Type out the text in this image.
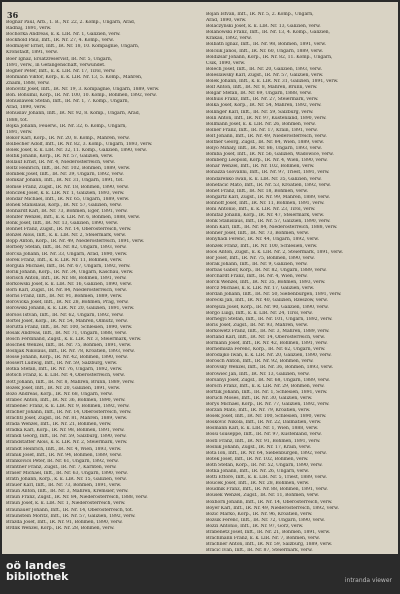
36
Bognar Paul, Arb., 1. B., Nr. 22, 2. Komp., Ungarn, Arad,
Radnaj, 1891, verw.
Bochorka Andreas, k. k. LIR. Nr. 1, Galizien, verw.
Bockhold Paul, Inft., IR. Nr. 27, 4. Komp., verw.
Bodmayer Ernst, Inft., IR. Nr. 18, 10. Kompagnie, Ungarn,
Kronstadt, 1891, verw.
Boër Ignaz, Ersatzreservist, IR. Nr. 5, Ungarn,
1891, verw., in Gefangenschaft, verwundet.
Bogner Peter, Inft., k. k. LIR. Nr. 17, Tirol, verw.
Bohmann Viktor, Korp., k. k. LIR. Nr. 13, 5. Komp., Mähren,
Znaim, 1888, verw.
Bohovitz Josef, Inft., IR. Nr. 19, 3. Kompagnie, Ungarn, 1889, verw.
Boh. Bohumil, Korp., IR. Nr. 100, 10. Komp., Böhmen, 1892, verw.
Bohuslawek Stefan, Inft., IR. Nr. 1, 7. Komp., Ungarn,
Arad, 1890, verw.
Bohuslav Johann, Inft., IR. Nr. 92, 8. Komp., Ungarn, Arad,
1888, tot.
Bojka Johann, Feuerw., IR. Nr. 32, 6. Komp., Ungarn,
1891, verw.
Bokor Karl, Korp., IR. Nr. 20, 8. Komp., Mähren, verw.
Bolbecher Adolf, Inft., IR. Nr. 82, 3. Komp., Ungarn, 1893, verw.
Bolek Josef, k. k. LIR. Nr. 32, 11. Komp., Galizien, 1890, verw.
Bolfik Johann, Korp., IR. Nr. 57, Galizien, verw.
Bollauf Ernst, IR. Nr. 4, Niederösterreich, verw.
Boltz Heinrich, Inft., IR. Nr. 102, Böhmen, 1889, verw.
Bombek Josef, Inft., IR. Nr. 39, Ungarn, 1892, verw.
Bomkar Johann, Inft., IR. Nr. 31, Ungarn, 1891, tot.
Bomse Franz, Zugsf., IR. Nr. 18, Böhmen, 1890, verw.
Bonczek Josef, k. k. LIR. Nr. 1, Galizien, 1893, verw.
Bondar Michael, Inft., IR. Nr. 65, Ungarn, 1889, verw.
Bonek Stanislaus, Korp., IR. Nr. 57, Galizien, verw.
Bonhardt Karl, IR. Nr. 73, Böhmen, Eger, 1891, verw.
Bonifer Wenzel, Inft., k. k. LIR. Nr. 6, Böhmen, 1888, verw.
Bonk Josef, Inft., IR. Nr. 13, Galizien, 1890, verw.
Bonnet Franz, Zugsf., IR. Nr. 14, Oberösterreich, verw.
Bonzel Alois, Inft., k. k. LIR. Nr. 2, Steiermark, verw.
Bopp Anton, Korp., IR. Nr. 49, Niederösterreich, 1891, verw.
Borbély Stefan, Inft., IR. Nr. 82, Ungarn, 1893, verw.
Borcsa Johann, IR. Nr. 33, Ungarn, Arad, 1890, verw.
Borek Franz, Inft., k. k. LIR. Nr. 11, Böhmen, verw.
Borgula Michael, Inft., IR. Nr. 67, Ungarn, 1892, verw.
Borik Johann, Korp., IR. Nr. 34, Ungarn, Kaschau, verw.
Borisch Anton, Inft., IR. Nr. 88, Böhmen, 1891, verw.
Borkowski Josef, k. k. LIR. Nr. 16, Galizien, 1890, verw.
Born Karl, Zugsf., IR. Nr. 84, Niederösterreich, verw.
Borns Franz, Inft., IR. Nr. 91, Böhmen, 1889, verw.
Borovicka Josef, Inft., IR. Nr. 28, Böhmen, Prag, verw.
Borowski Johann, k. k. LIR. Nr. 20, Galizien, 1891, verw.
Borsos István, Inft., IR. Nr. 62, Ungarn, 1892, verw.
Bortel Josef, Korp., IR. Nr. 54, Mähren, Olmütz, verw.
Borutta Franz, Inft., IR. Nr. 100, Schlesien, 1890, verw.
Bosák Andreas, Inft., IR. Nr. 71, Ungarn, 1888, verw.
Bosch Ferdinand, Zugsf., k. k. LIR. Nr. 3, Steiermark, verw.
Boschek Wenzel, Inft., IR. Nr. 75, Böhmen, 1891, verw.
Bosnjak Nikolaus, Inft., IR. Nr. 78, Kroatien, 1893, verw.
Bosse Johann, Korp., IR. Nr. 42, Böhmen, 1890, verw.
Bossert Ludwig, Inft., IR. Nr. 59, Salzburg, verw.
Botka Stefan, Inft., IR. Nr. 76, Ungarn, 1892, verw.
Botsch Franz, k. k. LIR. Nr. 4, Oberösterreich, verw.
Bott Johann, Inft., IR. Nr. 8, Mähren, Brünn, 1889, verw.
Bozek Josef, Inft., IR. Nr. 20, Galizien, 1891, verw.
Bozó Andreas, Korp., IR. Nr. 68, Ungarn, verw.
Brabec Anton, Inft., IR. Nr. 36, Böhmen, 1890, verw.
Brabenec Franz, k. k. LIR. Nr. 9, Böhmen, 1892, verw.
Bracher Johann, Inft., IR. Nr. 14, Oberösterreich, verw.
Brachtl Josef, Zugsf., IR. Nr. 81, Mähren, 1889, verw.
Brada Wenzel, Inft., IR. Nr. 21, Böhmen, verw.
Brádka Karl, Korp., IR. Nr. 98, Böhmen, 1891, verw.
Brandl Georg, Inft., IR. Nr. 59, Salzburg, 1890, verw.
Brandstätter Alois, k. k. LIR. Nr. 2, Steiermark, verw.
Brandt Heinrich, Inft., IR. Nr. 4, Wien, 1893, verw.
Branik Josef, Inft., IR. Nr. 94, Böhmen, 1889, verw.
Brankovics Peter, IR. Nr. 61, Ungarn, 1892, verw.
Brantner Franz, Zugsf., IR. Nr. 7, Kärnten, verw.
Braser Michael, Inft., IR. Nr. 63, Ungarn, 1890, verw.
Brath Johann, Korp., k. k. LIR. Nr. 15, Galizien, verw.
Brauer Karl, Inft., IR. Nr. 73, Böhmen, 1891, verw.
Braun Anton, Inft., IR. Nr. 3, Mähren, Kremsier, verw.
Braun Franz, Zugsf., IR. Nr. 84, Niederösterreich, 1888, verw.
Braun Josef, k. k. LIR. Nr. 1, Niederösterreich, verw.
Braunauer Johann, Inft., IR. Nr. 14, Oberösterreich, tot.
Braunstein Moritz, Inft., IR. Nr. 57, Galizien, 1892, verw.
Brázda Josef, Inft., IR. Nr. 91, Böhmen, 1890, verw.
Brdlik Wenzel, Korp., IR. Nr. 28, Böhmen, verw.
Bojan Istvan, Inft., IR. Nr. 5, 2. Komp., Ungarn,
Arad, 1890, verw.
Bolaczynski Josef, k. k. LIR. Nr. 13, Galizien, verw.
Bolanowski Franz, Inft., IR. Nr. 13, 4. Komp., Galizien,
Krakau, 1892, verw.
Bolbath Ignaz, Inft., IR. Nr. 98, Böhmen, 1891, verw.
Bolcsik Janos, Inft., IR. Nr. 60, Ungarn, 1889, verw.
Boldizsar Johann, Korp., IR. Nr. 82, 11. Komp., Ungarn,
Csik, 1890, verw.
Bolech Josef, Inft., IR. Nr. 20, Galizien, 1893, verw.
Boleslawsky Karl, Zugsf., IR. Nr. 57, Galizien, verw.
Bolek Johann, Inft., k. k. LIR. Nr. 31, Galizien, 1891, verw.
Bolf Anton, Inft., IR. Nr. 8, Mähren, Brünn, verw.
Bolgar Stefan, IR. Nr. 69, Ungarn, 1888, verw.
Bolhuis Franz, Inft., IR. Nr. 27, Steiermark, verw.
Bolka Josef, Korp., IR. Nr. 54, Mähren, 1892, verw.
Bollinger Karl, Inft., IR. Nr. 59, Salzburg, verw.
Bolli Anton, Inft., IR. Nr. 97, Küstenland, 1890, verw.
Bollmann Josef, k. k. LIR. Nr. 26, Böhmen, verw.
Bolner Franz, Inft., IR. Nr. 17, Krain, 1891, verw.
Bolt Johann, Inft., IR. Nr. 49, Niederösterreich, verw.
Boltner Georg, Zugsf., IR. Nr. 84, Wien, 1889, verw.
Bolyó Mihály, Inft., IR. Nr. 86, Ungarn, 1893, verw.
Bomba Josef, Inft., IR. Nr. 56, Galizien, Wadowice, verw.
Bomberg Leopold, Korp., IR. Nr. 4, Wien, 1890, verw.
Bonar Wenzel, Inft., IR. Nr. 102, Böhmen, verw.
Bonazza Giovanni, Inft., IR. Nr. 97, Triest, 1891, verw.
Bondarenko Iwan, k. k. LIR. Nr. 35, Galizien, verw.
Bonefacic Mato, Inft., IR. Nr. 53, Kroatien, 1892, verw.
Bonet Franz, Inft., IR. Nr. 18, Böhmen, verw.
Bongartz Karl, Zugsf., IR. Nr. 99, Mähren, 1889, verw.
Bonhoff Josef, Inft., IR. Nr. 11, Böhmen, 1891, verw.
Boni Antonio, Inft., k. k. LIR. Nr. 23, Tirol, verw.
Bonifaz Johann, Korp., IR. Nr. 47, Steiermark, verw.
Bonk Stanislaus, Inft., IR. Nr. 57, Galizien, 1890, verw.
Bonn Karl, Inft., IR. Nr. 84, Niederösterreich, 1888, verw.
Bonner Josef, Inft., IR. Nr. 73, Böhmen, verw.
Bonyhádi Ferenc, IR. Nr. 44, Ungarn, 1892, verw.
Bonzek Franz, Inft., IR. Nr. 100, Schlesien, verw.
Boos Anton, Zugsf., k. k. LIR. Nr. 2, Steiermark, 1891, verw.
Bor Josef, Inft., IR. Nr. 75, Böhmen, 1890, verw.
Borak Johann, Inft., IR. Nr. 9, Galizien, verw.
Borbás Gábor, Korp., IR. Nr. 82, Ungarn, 1889, verw.
Borchardt Franz, Inft., IR. Nr. 4, Wien, verw.
Borck Wenzel, Inft., IR. Nr. 35, Böhmen, 1893, verw.
Borcz Michael, k. k. LIR. Nr. 17, Galizien, verw.
Bordan Johann, Inft., IR. Nr. 50, Siebenbürgen, 1891, verw.
Borecki Jan, Inft., IR. Nr. 40, Galizien, Rzeszów, verw.
Borejsza Josef, Korp., IR. Nr. 90, Galizien, 1890, verw.
Borgo Luigi, Inft., k. k. LIR. Nr. 24, Tirol, verw.
Borhegyi Stefan, Inft., IR. Nr. 101, Ungarn, 1892, verw.
Boriš Josef, Zugsf., IR. Nr. 93, Mähren, verw.
Borkowetz Franz, Inft., IR. Nr. 3, Mähren, 1889, verw.
Borland Karl, Inft., IR. Nr. 14, Oberösterreich, verw.
Bormann Josef, Inft., IR. Nr. 42, Böhmen, 1891, verw.
Bornemisza Ferenc, Korp., IR. Nr. 62, Ungarn, verw.
Borodajko Iwan, k. k. LIR. Nr. 20, Galizien, 1890, verw.
Borosch Anton, Inft., IR. Nr. 92, Böhmen, verw.
Borovsky Wenzel, Inft., IR. Nr. 36, Böhmen, 1893, verw.
Borowiec Jan, Inft., IR. Nr. 13, Galizien, verw.
Borsányi Josef, Zugsf., IR. Nr. 68, Ungarn, 1889, verw.
Borsch Franz, Inft., k. k. LIR. Nr. 29, Böhmen, verw.
Bortlik Johann, Inft., IR. Nr. 1, Schlesien, 1891, verw.
Boruch Moses, Inft., IR. Nr. 30, Galizien, verw.
Borys Michael, Korp., IR. Nr. 77, Galizien, 1892, verw.
Borzan Mato, Inft., IR. Nr. 79, Kroatien, verw.
Bosek Josef, Inft., IR. Nr. 100, Schlesien, 1890, verw.
Boskovic Nikola, Inft., IR. Nr. 22, Dalmatien, verw.
Bosmann Karl, k. k. LIR. Nr. 1, Wien, 1888, verw.
Bossi Giuseppe, Inft., IR. Nr. 97, Küstenland, verw.
Bostl Franz, Inft., IR. Nr. 91, Böhmen, 1891, verw.
Bosnik Johann, Zugsf., IR. Nr. 17, Krain, verw.
Bota Ion, Inft., IR. Nr. 64, Siebenbürgen, 1892, verw.
Botek Josef, Inft., IR. Nr. 102, Böhmen, verw.
Both Stefan, Korp., IR. Nr. 52, Ungarn, 1890, verw.
Botka Johann, Inft., IR. Nr. 26, Ungarn, verw.
Botti Ettore, Inft., k. k. LIR. Nr. 5, Triest, 1889, verw.
Bouček Josef, Inft., IR. Nr. 28, Böhmen, verw.
Boudnik Franz, Inft., IR. Nr. 88, Böhmen, 1891, verw.
Bousek Wenzel, Zugsf., IR. Nr. 11, Böhmen, verw.
Boxhorn Johann, Inft., IR. Nr. 14, Oberösterreich, verw.
Boyer Karl, Inft., IR. Nr. 49, Niederösterreich, 1892, verw.
Bozic Marko, Korp., IR. Nr. 96, Kroatien, verw.
Bozsik Ferenc, Inft., IR. Nr. 72, Ungarn, 1890, verw.
Bozzi Antonio, Inft., IR. Nr. 97, Görz, verw.
Brabenetz Josef, Inft., IR. Nr. 21, Böhmen, 1891, verw.
Brachmann Franz, k. k. LIR. Nr. 7, Böhmen, verw.
Brachner Anton, Inft., IR. Nr. 59, Salzburg, 1889, verw.
Bracic Ivan, Inft., IR. Nr. 87, Steiermark, verw.
oö landes
bibliothek	intranda viewer
